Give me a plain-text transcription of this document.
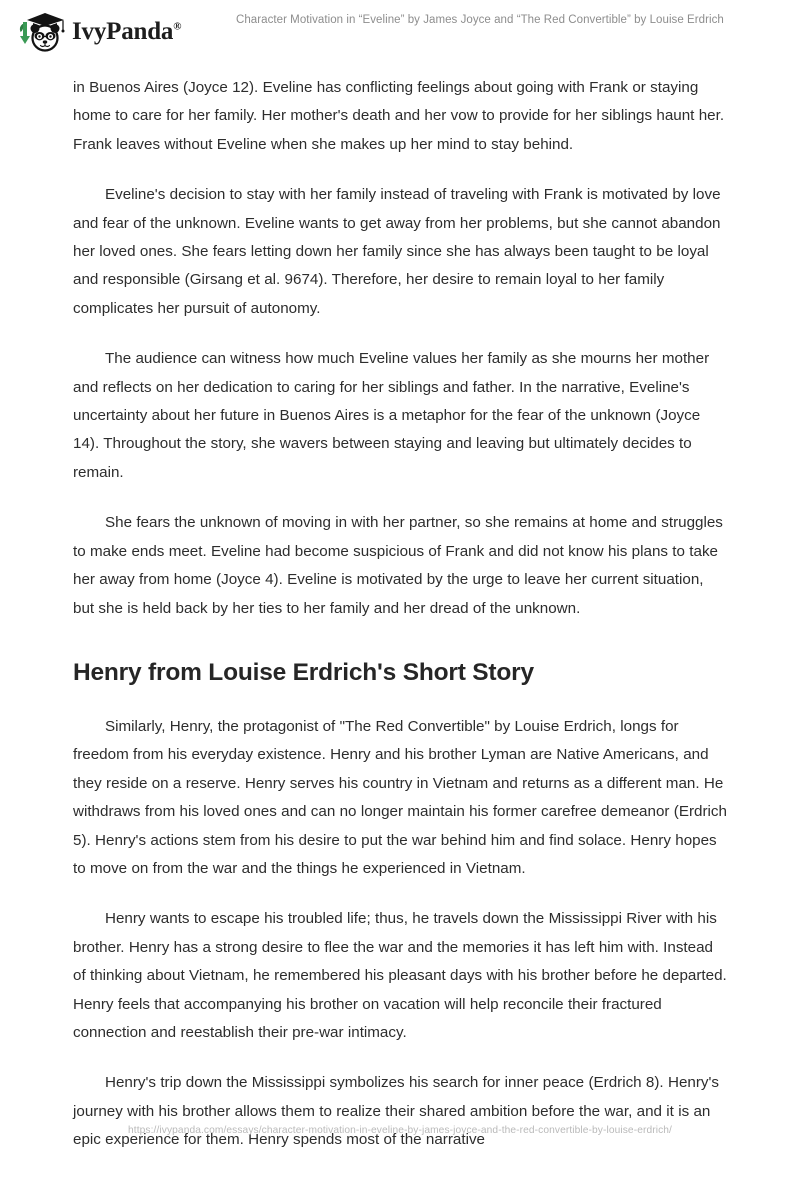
IvyPanda®
Character Motivation in “Eveline” by James Joyce and “The Red Convertible” by Louise Erdrich

in Buenos Aires (Joyce 12). Eveline has conflicting feelings about going with Frank or staying home to care for her family. Her mother's death and her vow to provide for her siblings haunt her. Frank leaves without Eveline when she makes up her mind to stay behind.

Eveline's decision to stay with her family instead of traveling with Frank is motivated by love and fear of the unknown. Eveline wants to get away from her problems, but she cannot abandon her loved ones. She fears letting down her family since she has always been taught to be loyal and responsible (Girsang et al. 9674). Therefore, her desire to remain loyal to her family complicates her pursuit of autonomy.

The audience can witness how much Eveline values her family as she mourns her mother and reflects on her dedication to caring for her siblings and father. In the narrative, Eveline's uncertainty about her future in Buenos Aires is a metaphor for the fear of the unknown (Joyce 14). Throughout the story, she wavers between staying and leaving but ultimately decides to remain.

She fears the unknown of moving in with her partner, so she remains at home and struggles to make ends meet. Eveline had become suspicious of Frank and did not know his plans to take her away from home (Joyce 4). Eveline is motivated by the urge to leave her current situation, but she is held back by her ties to her family and her dread of the unknown.

Henry from Louise Erdrich's Short Story

Similarly, Henry, the protagonist of "The Red Convertible" by Louise Erdrich, longs for freedom from his everyday existence. Henry and his brother Lyman are Native Americans, and they reside on a reserve. Henry serves his country in Vietnam and returns as a different man. He withdraws from his loved ones and can no longer maintain his former carefree demeanor (Erdrich 5). Henry's actions stem from his desire to put the war behind him and find solace. Henry hopes to move on from the war and the things he experienced in Vietnam.

Henry wants to escape his troubled life; thus, he travels down the Mississippi River with his brother. Henry has a strong desire to flee the war and the memories it has left him with. Instead of thinking about Vietnam, he remembered his pleasant days with his brother before he departed. Henry feels that accompanying his brother on vacation will help reconcile their fractured connection and reestablish their pre-war intimacy.

Henry's trip down the Mississippi symbolizes his search for inner peace (Erdrich 8). Henry's journey with his brother allows them to realize their shared ambition before the war, and it is an epic experience for them. Henry spends most of the narrative

https://ivypanda.com/essays/character-motivation-in-eveline-by-james-joyce-and-the-red-convertible-by-louise-erdrich/
